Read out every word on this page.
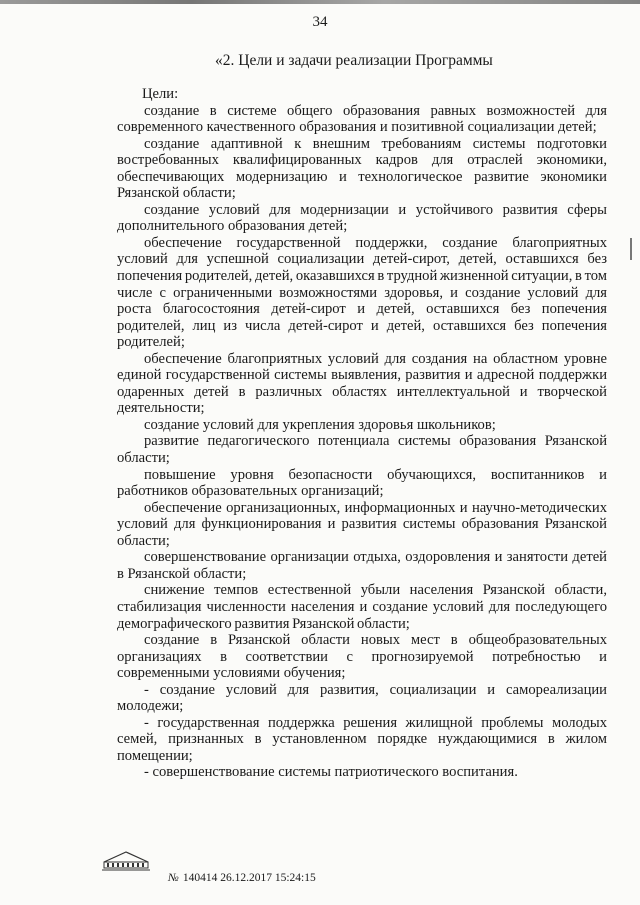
34
«2. Цели и задачи реализации Программы
Цели:
создание в системе общего образования равных возможностей для современного качественного образования и позитивной социализации детей;
создание адаптивной к внешним требованиям системы подготовки востребованных квалифицированных кадров для отраслей экономики, обеспечивающих модернизацию и технологическое развитие экономики Рязанской области;
создание условий для модернизации и устойчивого развития сферы дополнительного образования детей;
обеспечение государственной поддержки, создание благоприятных условий для успешной социализации детей-сирот, детей, оставшихся без попечения родителей, детей, оказавшихся в трудной жизненной ситуации, в том числе с ограниченными возможностями здоровья, и создание условий для роста благосостояния детей-сирот и детей, оставшихся без попечения родителей, лиц из числа детей-сирот и детей, оставшихся без попечения родителей;
обеспечение благоприятных условий для создания на областном уровне единой государственной системы выявления, развития и адресной поддержки одаренных детей в различных областях интеллектуальной и творческой деятельности;
создание условий для укрепления здоровья школьников;
развитие педагогического потенциала системы образования Рязанской области;
повышение уровня безопасности обучающихся, воспитанников и работников образовательных организаций;
обеспечение организационных, информационных и научно-методических условий для функционирования и развития системы образования Рязанской области;
совершенствование организации отдыха, оздоровления и занятости детей в Рязанской области;
снижение темпов естественной убыли населения Рязанской области, стабилизация численности населения и создание условий для последующего демографического развития Рязанской области;
создание в Рязанской области новых мест в общеобразовательных организациях в соответствии с прогнозируемой потребностью и современными условиями обучения;
- создание условий для развития, социализации и самореализации молодежи;
- государственная поддержка решения жилищной проблемы молодых семей, признанных в установленном порядке нуждающимися в жилом помещении;
- совершенствование системы патриотического воспитания.
№ 140414 26.12.2017 15:24:15
